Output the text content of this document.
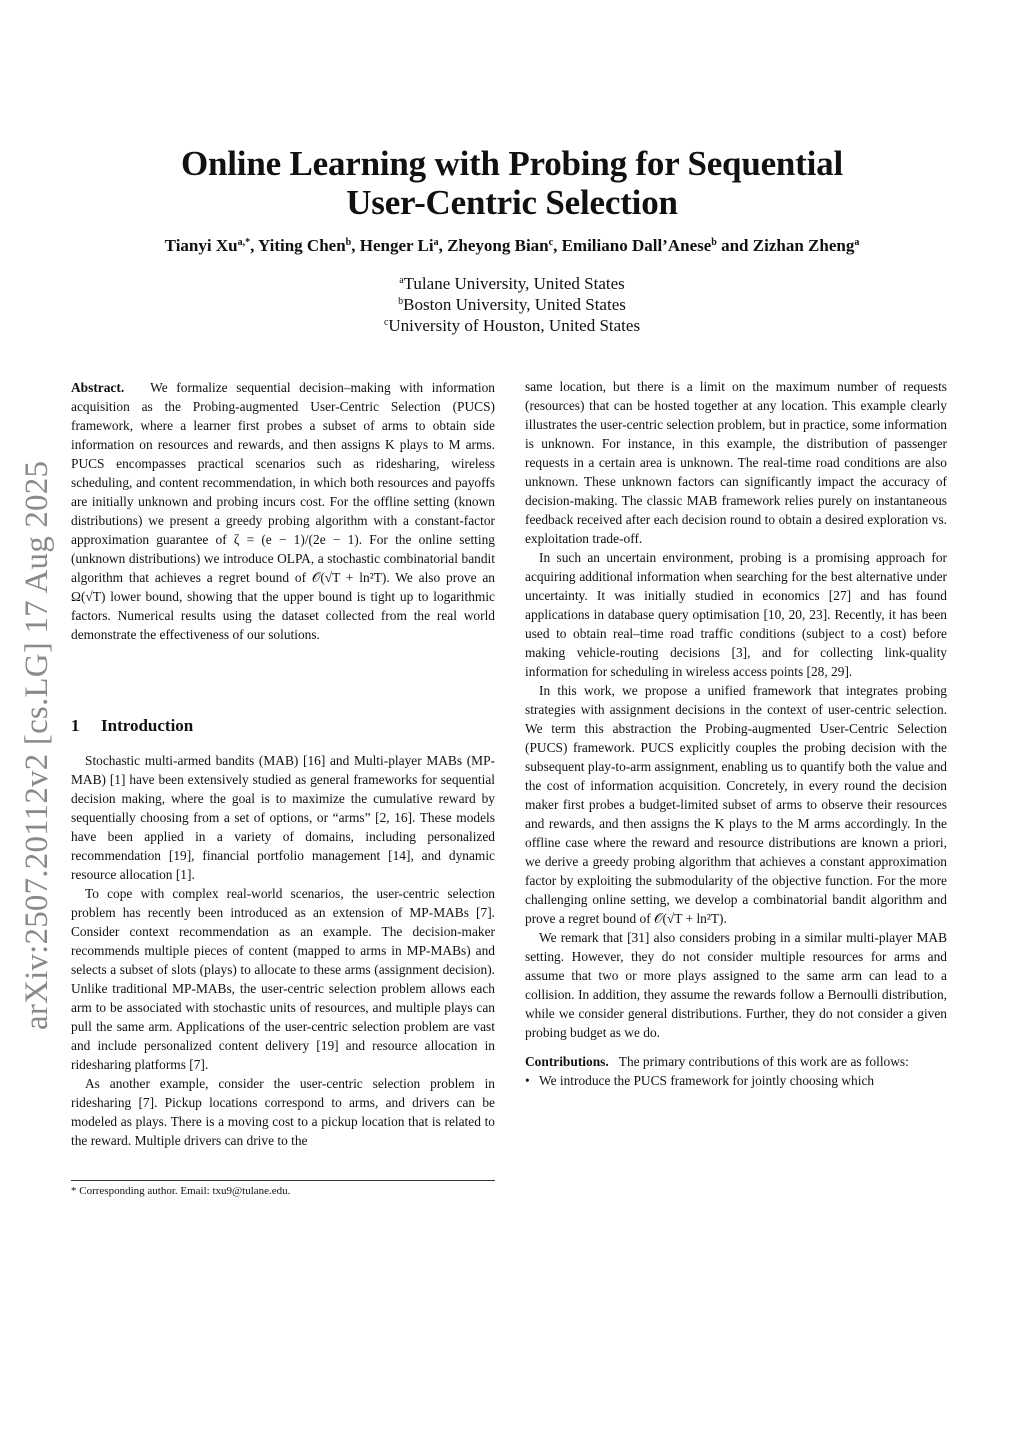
Online Learning with Probing for Sequential
User-Centric Selection
Tianyi $Xu^{a,*}$, Yiting Chen$^b$, Henger Li$^a$, Zheyong Bian$^c$, Emiliano Dall’Anese$^b$ and Zizhan Zheng$^a$
$^a$Tulane University, United States
$^b$Boston University, United States
$^c$University of Houston, United States
arXiv:2507.20112v2 [cs.LG] 17 Aug 2025

Abstract. We formalize sequential decision–making with information acquisition as the Probing-augmented User-Centric Selection (PUCS) framework, where a learner first probes a subset of arms to obtain side information on resources and rewards, and then assigns K plays to M arms. PUCS encompasses practical scenarios such as ridesharing, wireless scheduling, and content recommendation, in which both resources and payoffs are initially unknown and probing incurs cost. For the offline setting (known distributions) we present a greedy probing algorithm with a constant-factor approximation guarantee of ζ = (e − 1)/(2e − 1). For the online setting (unknown distributions) we introduce OLPA, a stochastic combinatorial bandit algorithm that achieves a regret bound of 𝒪(√T + ln²T). We also prove an Ω(√T) lower bound, showing that the upper bound is tight up to logarithmic factors. Numerical results using the dataset collected from the real world demonstrate the effectiveness of our solutions.

1 Introduction

Stochastic multi-armed bandits (MAB) [16] and Multi-player MABs (MP-MAB) [1] have been extensively studied as general frameworks for sequential decision making, where the goal is to maximize the cumulative reward by sequentially choosing from a set of options, or “arms” [2, 16]. These models have been applied in a variety of domains, including personalized recommendation [19], financial portfolio management [14], and dynamic resource allocation [1].

To cope with complex real-world scenarios, the user-centric selection problem has recently been introduced as an extension of MP-MABs [7]. Consider context recommendation as an example. The decision-maker recommends multiple pieces of content (mapped to arms in MP-MABs) and selects a subset of slots (plays) to allocate to these arms (assignment decision). Unlike traditional MP-MABs, the user-centric selection problem allows each arm to be associated with stochastic units of resources, and multiple plays can pull the same arm. Applications of the user-centric selection problem are vast and include personalized content delivery [19] and resource allocation in ridesharing platforms [7].

As another example, consider the user-centric selection problem in ridesharing [7]. Pickup locations correspond to arms, and drivers can be modeled as plays. There is a moving cost to a pickup location that is related to the reward. Multiple drivers can drive to the

* Corresponding author. Email: txu9@tulane.edu.

same location, but there is a limit on the maximum number of requests (resources) that can be hosted together at any location. This example clearly illustrates the user-centric selection problem, but in practice, some information is unknown. For instance, in this example, the distribution of passenger requests in a certain area is unknown. The real-time road conditions are also unknown. These unknown factors can significantly impact the accuracy of decision-making. The classic MAB framework relies purely on instantaneous feedback received after each decision round to obtain a desired exploration vs. exploitation trade-off.

In such an uncertain environment, probing is a promising approach for acquiring additional information when searching for the best alternative under uncertainty. It was initially studied in economics [27] and has found applications in database query optimisation [10, 20, 23]. Recently, it has been used to obtain real–time road traffic conditions (subject to a cost) before making vehicle-routing decisions [3], and for collecting link-quality information for scheduling in wireless access points [28, 29].

In this work, we propose a unified framework that integrates probing strategies with assignment decisions in the context of user-centric selection. We term this abstraction the Probing-augmented User-Centric Selection (PUCS) framework. PUCS explicitly couples the probing decision with the subsequent play-to-arm assignment, enabling us to quantify both the value and the cost of information acquisition. Concretely, in every round the decision maker first probes a budget-limited subset of arms to observe their resources and rewards, and then assigns the K plays to the M arms accordingly. In the offline case where the reward and resource distributions are known a priori, we derive a greedy probing algorithm that achieves a constant approximation factor by exploiting the submodularity of the objective function. For the more challenging online setting, we develop a combinatorial bandit algorithm and prove a regret bound of 𝒪(√T + ln²T).

We remark that [31] also considers probing in a similar multi-player MAB setting. However, they do not consider multiple resources for arms and assume that two or more plays assigned to the same arm can lead to a collision. In addition, they assume the rewards follow a Bernoulli distribution, while we consider general distributions. Further, they do not consider a given probing budget as we do.

Contributions. The primary contributions of this work are as follows:

• We introduce the PUCS framework for jointly choosing which
